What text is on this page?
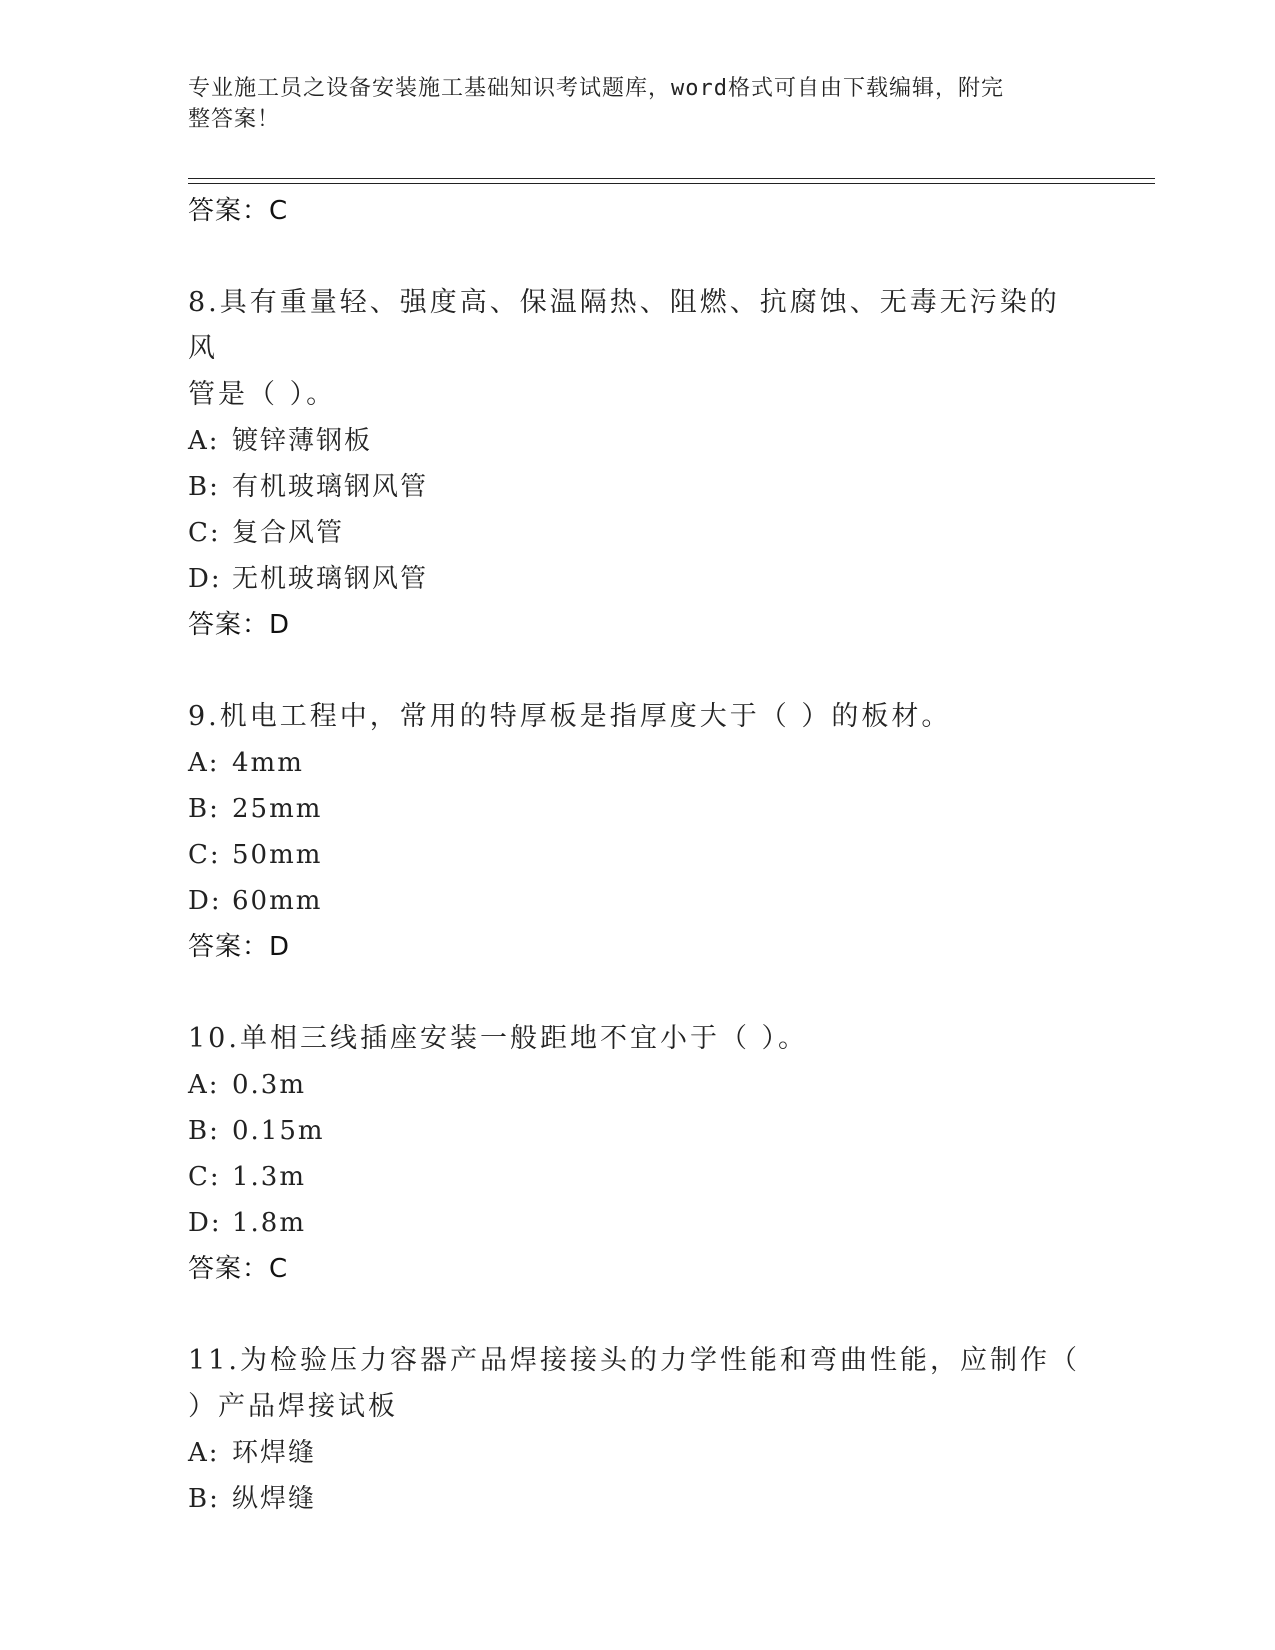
专业施工员之设备安装施工基础知识考试题库，word格式可自由下载编辑，附完
整答案！
答案：C
8.具有重量轻、强度高、保温隔热、阻燃、抗腐蚀、无毒无污染的风
管是（ ）。
A: 镀锌薄钢板
B: 有机玻璃钢风管
C: 复合风管
D: 无机玻璃钢风管
答案：D
9.机电工程中，常用的特厚板是指厚度大于（ ）的板材。
A: 4mm
B: 25mm
C: 50mm
D: 60mm
答案：D
10.单相三线插座安装一般距地不宜小于（ ）。
A: 0.3m
B: 0.15m
C: 1.3m
D: 1.8m
答案：C
11.为检验压力容器产品焊接接头的力学性能和弯曲性能，应制作（
）产品焊接试板
A: 环焊缝
B: 纵焊缝
